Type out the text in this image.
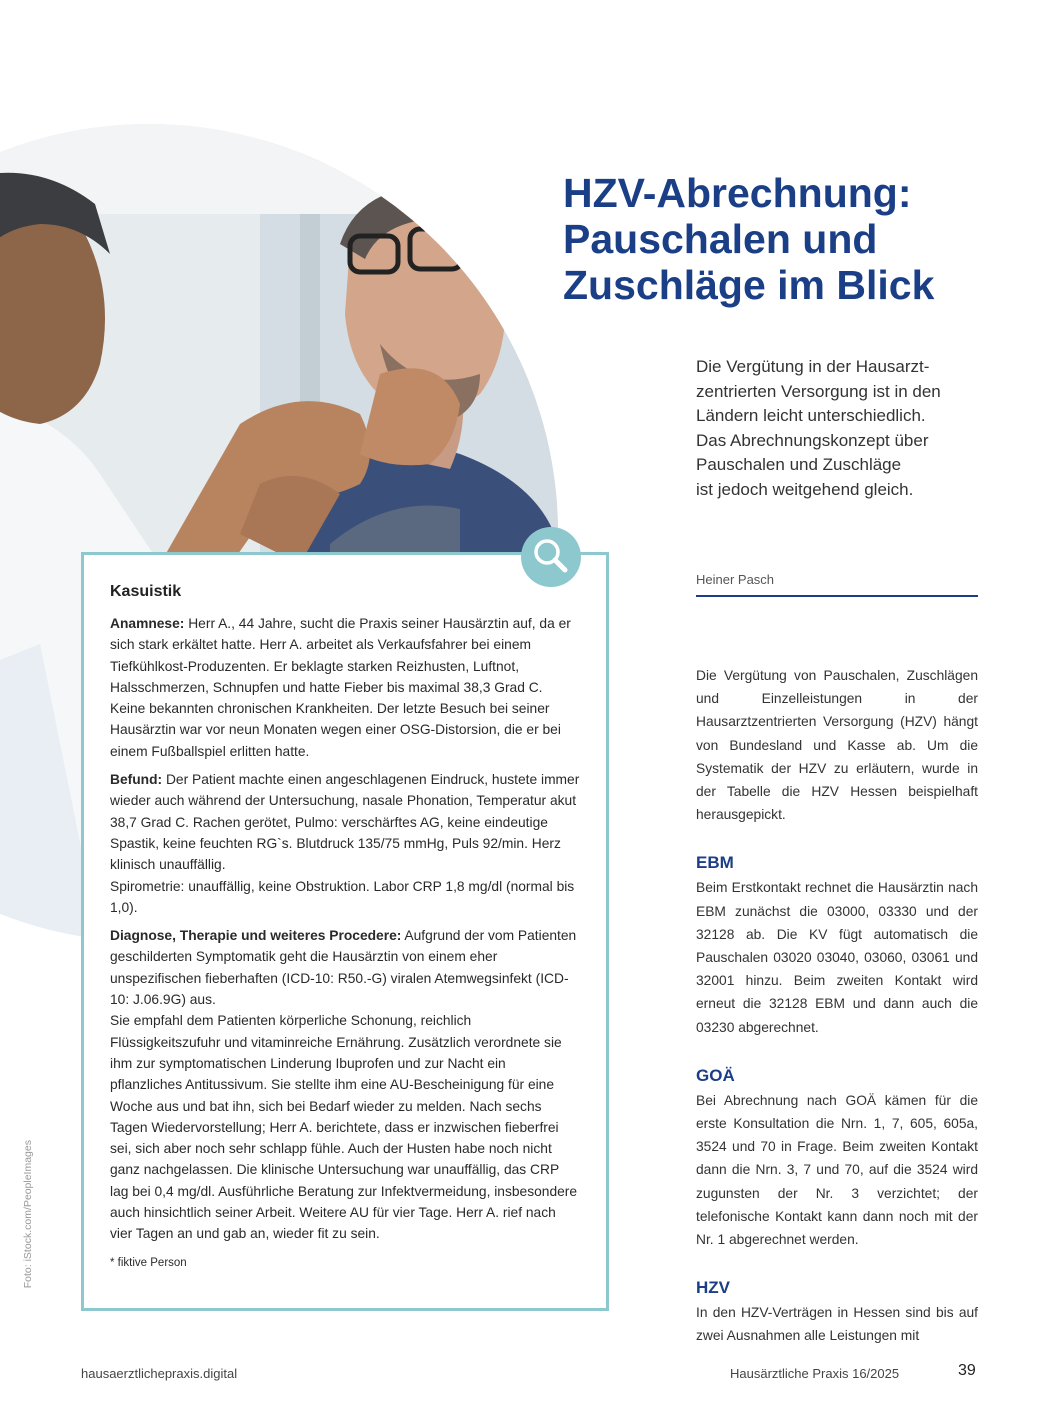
HZV-Abrechnung:
Pauschalen und
Zuschläge im Blick

Die Vergütung in der Hausarzt-
zentrierten Versorgung ist in den
Ländern leicht unterschiedlich.
Das Abrechnungskonzept über
Pauschalen und Zuschläge
ist jedoch weitgehend gleich.

Heiner Pasch

Die Vergütung von Pauschalen, Zuschlägen und Einzelleistungen in der Hausarztzentrierten Versorgung (HZV) hängt von Bundesland und Kasse ab. Um die Systematik der HZV zu erläutern, wurde in der Tabelle die HZV Hessen beispielhaft herausgepickt.

EBM

Beim Erstkontakt rechnet die Hausärztin nach EBM zunächst die 03000, 03330 und der 32128 ab. Die KV fügt automatisch die Pauschalen 03020 03040, 03060, 03061 und 32001 hinzu. Beim zweiten Kontakt wird erneut die 32128 EBM und dann auch die 03230 abgerechnet.

GOÄ

Bei Abrechnung nach GOÄ kämen für die erste Konsultation die Nrn. 1, 7, 605, 605a, 3524 und 70 in Frage. Beim zweiten Kontakt dann die Nrn. 3, 7 und 70, auf die 3524 wird zugunsten der Nr. 3 verzichtet; der telefonische Kontakt kann dann noch mit der Nr. 1 abgerechnet werden.

HZV

In den HZV-Verträgen in Hessen sind bis auf zwei Ausnahmen alle Leistungen mit

Kasuistik

Anamnese: Herr A., 44 Jahre, sucht die Praxis seiner Hausärztin auf, da er sich stark erkältet hatte. Herr A. arbeitet als Verkaufsfahrer bei einem Tiefkühlkost-Produzenten. Er beklagte starken Reizhusten, Luftnot, Halsschmerzen, Schnupfen und hatte Fieber bis maximal 38,3 Grad C. Keine bekannten chronischen Krankheiten. Der letzte Besuch bei seiner Hausärztin war vor neun Monaten wegen einer OSG-Distorsion, die er bei einem Fußballspiel erlitten hatte.

Befund: Der Patient machte einen angeschlagenen Eindruck, hustete immer wieder auch während der Untersuchung, nasale Phonation, Temperatur akut 38,7 Grad C. Rachen gerötet, Pulmo: verschärftes AG, keine eindeutige Spastik, keine feuchten RG`s. Blutdruck 135/75 mmHg, Puls 92/min. Herz klinisch unauffällig.
Spirometrie: unauffällig, keine Obstruktion. Labor CRP 1,8 mg/dl (normal bis 1,0).

Diagnose, Therapie und weiteres Procedere: Aufgrund der vom Patienten geschilderten Symptomatik geht die Hausärztin von einem eher unspezifischen fieberhaften (ICD-10: R50.-G) viralen Atemwegsinfekt (ICD-10: J.06.9G) aus.
Sie empfahl dem Patienten körperliche Schonung, reichlich Flüssigkeitszufuhr und vitaminreiche Ernährung. Zusätzlich verordnete sie ihm zur symptomatischen Linderung Ibuprofen und zur Nacht ein pflanzliches Antitussivum. Sie stellte ihm eine AU-Bescheinigung für eine Woche aus und bat ihn, sich bei Bedarf wieder zu melden. Nach sechs Tagen Wiedervorstellung; Herr A. berichtete, dass er inzwischen fieberfrei sei, sich aber noch sehr schlapp fühle. Auch der Husten habe noch nicht ganz nachgelassen. Die klinische Untersuchung war unauffällig, das CRP lag bei 0,4 mg/dl. Ausführliche Beratung zur Infektvermeidung, insbesondere auch hinsichtlich seiner Arbeit. Weitere AU für vier Tage. Herr A. rief nach vier Tagen an und gab an, wieder fit zu sein.

* fiktive Person
Foto: iStock.com/PeopleImages
hausaerztlichepraxis.digital	Hausärztliche Praxis 16/2025	39
